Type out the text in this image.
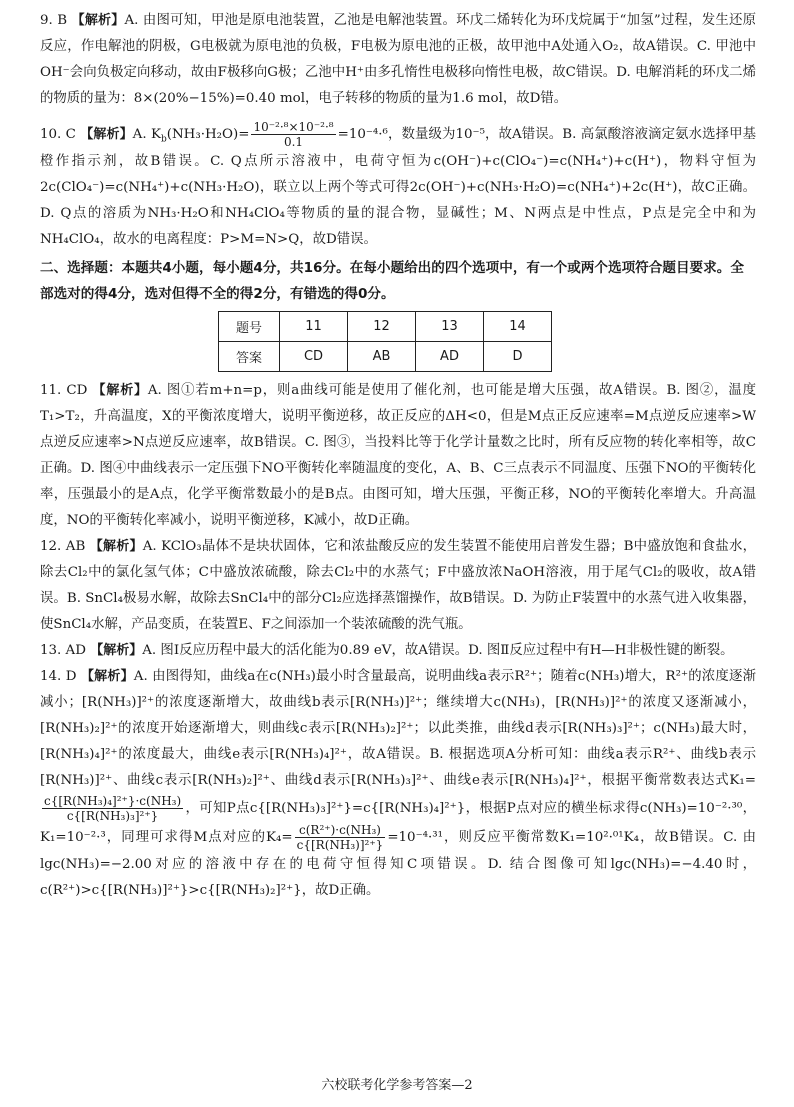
9. B 【解析】A. 由图可知，甲池是原电池装置，乙池是电解池装置。环戊二烯转化为环戊烷属于“加氢”过程，发生还原反应，作电解池的阴极，G电极就为原电池的负极，F电极为原电池的正极，故甲池中A处通入O₂，故A错误。C. 甲池中OH⁻会向负极定向移动，故由F极移向G极；乙池中H⁺由多孔惰性电极移向惰性电极，故C错误。D. 电解消耗的环戊二烯的物质的量为：8×(20%−15%)=0.40 mol，电子转移的物质的量为1.6 mol，故D错。

10. C 【解析】A. $K_b(NH_3\cdot H_2O)= \frac{\text{10⁻²·⁸×10⁻²·⁸}}{0.1} =10^{-4}\cdot^6$，数量级为10⁻⁵，故A错误。B. 高氯酸溶液滴定氨水选择甲基橙作指示剂，故B错误。C. Q点所示溶液中，电荷守恒为c(OH⁻)+c(ClO₄⁻)=c(NH₄⁺)+c(H⁺)，物料守恒为2c(ClO₄⁻)=c(NH₄⁺)+c(NH₃·H₂O)，联立以上两个等式可得2c(OH⁻)+c(NH₃·H₂O)=c(NH₄⁺)+2c(H⁺)，故C正确。D. Q点的溶质为NH₃·H₂O和NH₄ClO₄等物质的量的混合物，显碱性；M、N两点是中性点，P点是完全中和为NH₄ClO₄，故水的电离程度：P>M=N>Q，故D错误。

二、选择题：本题共4小题，每小题4分，共16分。在每小题给出的四个选项中，有一个或两个选项符合题目要求。全部选对的得4分，选对但得不全的得2分，有错选的得0分。

题号	11	12	13	14
答案	CD	AB	AD	D

11. CD 【解析】A. 图①若m+n=p，则a曲线可能是使用了催化剂，也可能是增大压强，故A错误。B. 图②，温度T₁>T₂，升高温度，X的平衡浓度增大，说明平衡逆移，故正反应的ΔH<0，但是M点正反应速率=M点逆反应速率>W点逆反应速率>N点逆反应速率，故B错误。C. 图③，当投料比等于化学计量数之比时，所有反应物的转化率相等，故C正确。D. 图④中曲线表示一定压强下NO平衡转化率随温度的变化，A、B、C三点表示不同温度、压强下NO的平衡转化率，压强最小的是A点，化学平衡常数最小的是B点。由图可知，增大压强，平衡正移，NO的平衡转化率增大。升高温度，NO的平衡转化率减小，说明平衡逆移，K减小，故D正确。

12. AB 【解析】A. KClO₃晶体不是块状固体，它和浓盐酸反应的发生装置不能使用启普发生器；B中盛放饱和食盐水，除去Cl₂中的氯化氢气体；C中盛放浓硫酸，除去Cl₂中的水蒸气；F中盛放浓NaOH溶液，用于尾气Cl₂的吸收，故A错误。B. SnCl₄极易水解，故除去SnCl₄中的部分Cl₂应选择蒸馏操作，故B错误。D. 为防止F装置中的水蒸气进入收集器，使SnCl₄水解，产品变质，在装置E、F之间添加一个装浓硫酸的洗气瓶。

13. AD 【解析】A. 图Ⅰ反应历程中最大的活化能为0.89 eV，故A错误。D. 图Ⅱ反应过程中有H—H非极性键的断裂。

14. D 【解析】A. 由图得知，曲线a在c(NH₃)最小时含量最高，说明曲线a表示R²⁺；随着c(NH₃)增大，R²⁺的浓度逐渐减小；[R(NH₃)]²⁺的浓度逐渐增大，故曲线b表示[R(NH₃)]²⁺；继续增大c(NH₃)，[R(NH₃)]²⁺的浓度又逐渐减小，[R(NH₃)₂]²⁺的浓度开始逐渐增大，则曲线c表示[R(NH₃)₂]²⁺；以此类推，曲线d表示[R(NH₃)₃]²⁺；c(NH₃)最大时，[R(NH₃)₄]²⁺的浓度最大，曲线e表示[R(NH₃)₄]²⁺，故A错误。B. 根据选项A分析可知：曲线a表示R²⁺、曲线b表示[R(NH₃)]²⁺、曲线c表示[R(NH₃)₂]²⁺、曲线d表示[R(NH₃)₃]²⁺、曲线e表示[R(NH₃)₄]²⁺，根据平衡常数表达式K₁=
$\frac{\text{c\{[R(NH₃)₄]²⁺\}·c(NH₃)}}{\text{c\{[R(NH₃)₃]²⁺\}}}$ ，可知P点c{[R(NH₃)₃]²⁺}=c{[R(NH₃)₄]²⁺}，根据P点对应的横坐标求得c(NH₃)=10⁻²·³⁰，K₁=10⁻²·³，同理可求得M点对应的$K_4= \frac{\text{c(R²⁺)·c(NH₃)}}{\text{c\{[R(NH₃)]²⁺\}}} =10^{-4}\cdot^{31}$，则反应平衡常数K₁=10²·⁰¹K₄，故B错误。C. 由lgc(NH₃)=−2.00对应的溶液中存在的电荷守恒得知C项错误。D. 结合图像可知lgc(NH₃)=−4.40时，c(R²⁺)>c{[R(NH₃)]²⁺}>c{[R(NH₃)₂]²⁺}，故D正确。

六校联考化学参考答案—2
